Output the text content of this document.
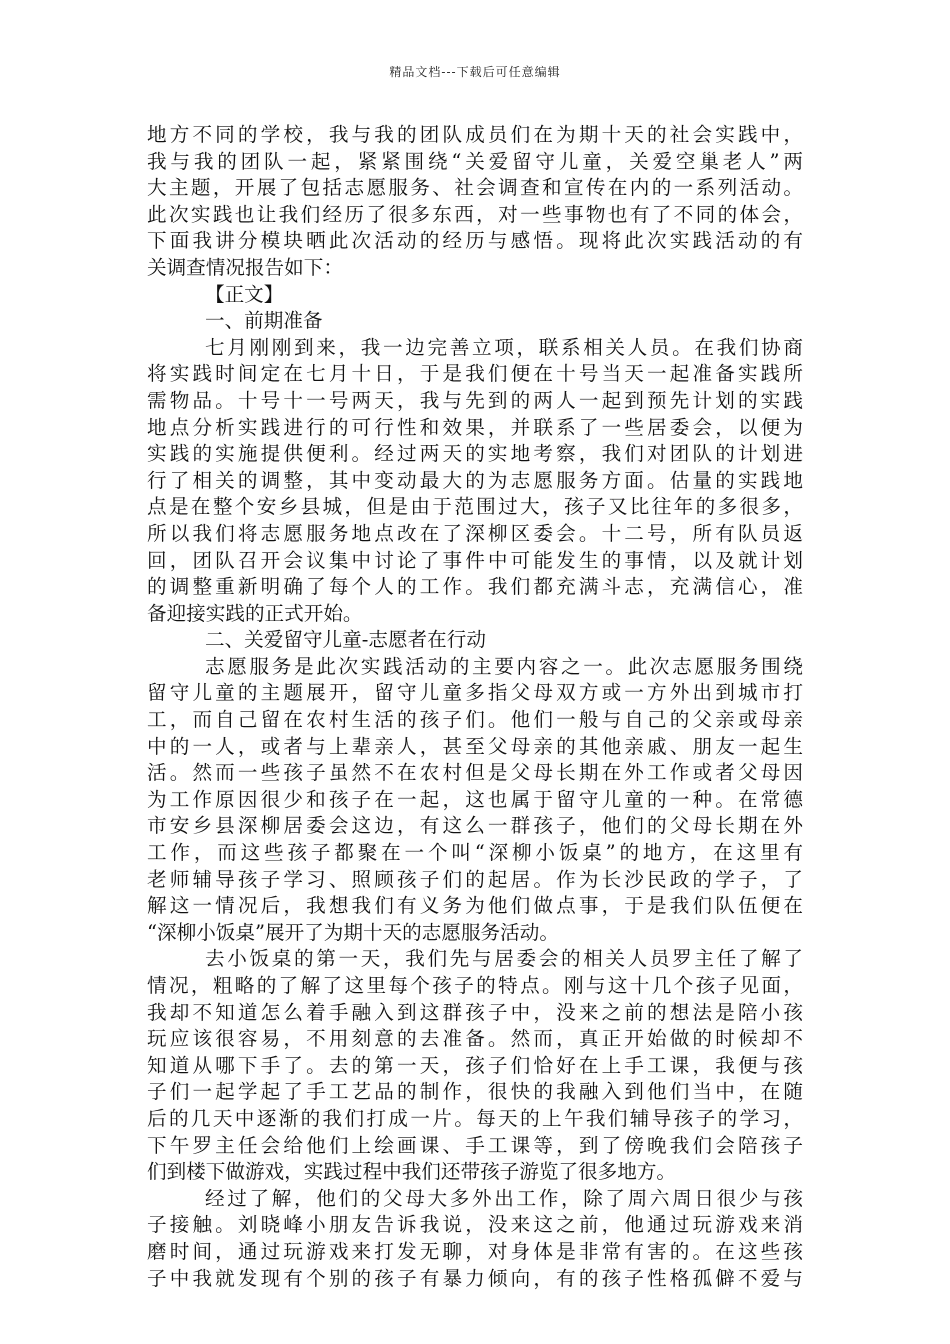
精品文档---下载后可任意编辑
地方不同的学校，我与我的团队成员们在为期十天的社会实践中，
我与我的团队一起，紧紧围绕“关爱留守儿童，关爱空巢老人”两
大主题，开展了包括志愿服务、社会调查和宣传在内的一系列活动。
此次实践也让我们经历了很多东西，对一些事物也有了不同的体会，
下面我讲分模块晒此次活动的经历与感悟。现将此次实践活动的有
关调查情况报告如下：
【正文】
一、前期准备
七月刚刚到来，我一边完善立项，联系相关人员。在我们协商
将实践时间定在七月十日，于是我们便在十号当天一起准备实践所
需物品。十号十一号两天，我与先到的两人一起到预先计划的实践
地点分析实践进行的可行性和效果，并联系了一些居委会，以便为
实践的实施提供便利。经过两天的实地考察，我们对团队的计划进
行了相关的调整，其中变动最大的为志愿服务方面。估量的实践地
点是在整个安乡县城，但是由于范围过大，孩子又比往年的多很多，
所以我们将志愿服务地点改在了深柳区委会。十二号，所有队员返
回，团队召开会议集中讨论了事件中可能发生的事情，以及就计划
的调整重新明确了每个人的工作。我们都充满斗志，充满信心，准
备迎接实践的正式开始。
二、关爱留守儿童-志愿者在行动
志愿服务是此次实践活动的主要内容之一。此次志愿服务围绕
留守儿童的主题展开，留守儿童多指父母双方或一方外出到城市打
工，而自己留在农村生活的孩子们。他们一般与自己的父亲或母亲
中的一人，或者与上辈亲人，甚至父母亲的其他亲戚、朋友一起生
活。然而一些孩子虽然不在农村但是父母长期在外工作或者父母因
为工作原因很少和孩子在一起，这也属于留守儿童的一种。在常德
市安乡县深柳居委会这边，有这么一群孩子，他们的父母长期在外
工作，而这些孩子都聚在一个叫“深柳小饭桌”的地方，在这里有
老师辅导孩子学习、照顾孩子们的起居。作为长沙民政的学子，了
解这一情况后，我想我们有义务为他们做点事，于是我们队伍便在
“深柳小饭桌”展开了为期十天的志愿服务活动。
去小饭桌的第一天，我们先与居委会的相关人员罗主任了解了
情况，粗略的了解了这里每个孩子的特点。刚与这十几个孩子见面，
我却不知道怎么着手融入到这群孩子中，没来之前的想法是陪小孩
玩应该很容易，不用刻意的去准备。然而，真正开始做的时候却不
知道从哪下手了。去的第一天，孩子们恰好在上手工课，我便与孩
子们一起学起了手工艺品的制作，很快的我融入到他们当中，在随
后的几天中逐渐的我们打成一片。每天的上午我们辅导孩子的学习，
下午罗主任会给他们上绘画课、手工课等，到了傍晚我们会陪孩子
们到楼下做游戏，实践过程中我们还带孩子游览了很多地方。
经过了解，他们的父母大多外出工作，除了周六周日很少与孩
子接触。刘晓峰小朋友告诉我说，没来这之前，他通过玩游戏来消
磨时间，通过玩游戏来打发无聊，对身体是非常有害的。在这些孩
子中我就发现有个别的孩子有暴力倾向，有的孩子性格孤僻不爱与
